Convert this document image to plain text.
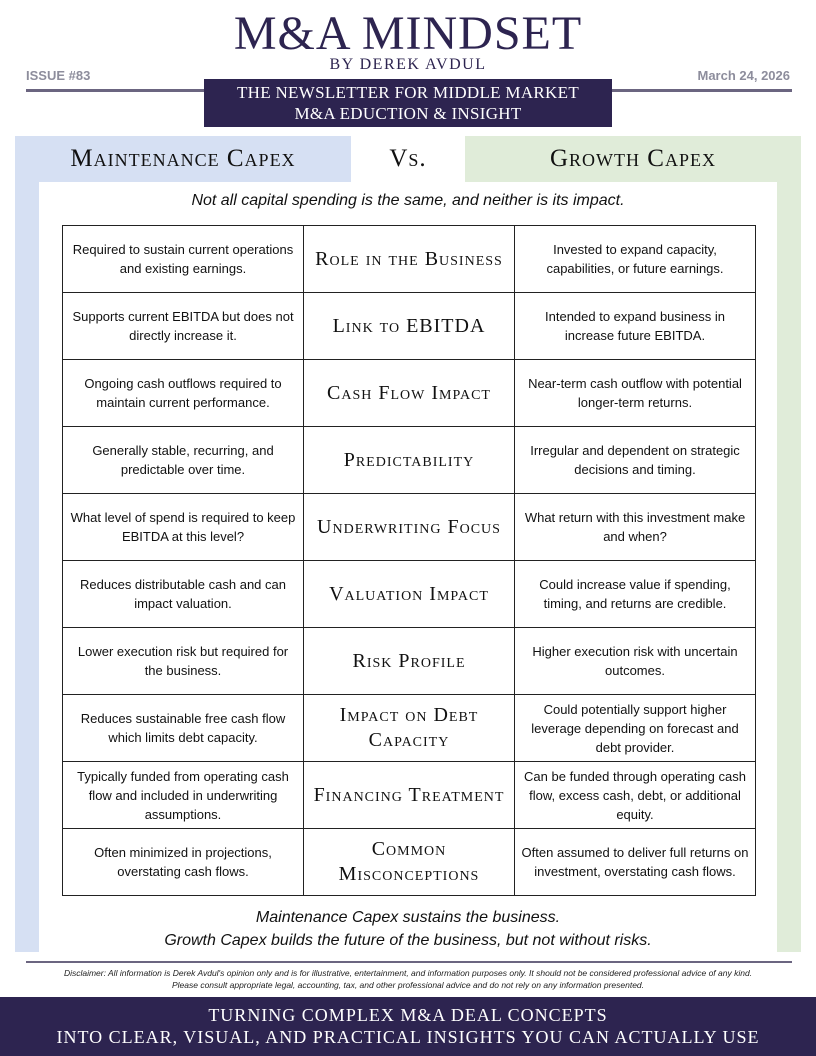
M&A MINDSET
BY DEREK AVDUL
ISSUE #83	March 24, 2026
THE NEWSLETTER FOR MIDDLE MARKET
M&A EDUCTION & INSIGHT
Maintenance Capex	Vs.	Growth Capex
Not all capital spending is the same, and neither is its impact.
Required to sustain current operations and existing earnings.	Role in the Business	Invested to expand capacity, capabilities, or future earnings.
Supports current EBITDA but does not directly increase it.	Link to EBITDA	Intended to expand business in increase future EBITDA.
Ongoing cash outflows required to maintain current performance.	Cash Flow Impact	Near-term cash outflow with potential longer-term returns.
Generally stable, recurring, and predictable over time.	Predictability	Irregular and dependent on strategic decisions and timing.
What level of spend is required to keep EBITDA at this level?	Underwriting Focus	What return with this investment make and when?
Reduces distributable cash and can impact valuation.	Valuation Impact	Could increase value if spending, timing, and returns are credible.
Lower execution risk but required for the business.	Risk Profile	Higher execution risk with uncertain outcomes.
Reduces sustainable free cash flow which limits debt capacity.	Impact on Debt Capacity	Could potentially support higher leverage depending on forecast and debt provider.
Typically funded from operating cash flow and included in underwriting assumptions.	Financing Treatment	Can be funded through operating cash flow, excess cash, debt, or additional equity.
Often minimized in projections, overstating cash flows.	Common Misconceptions	Often assumed to deliver full returns on investment, overstating cash flows.
Maintenance Capex sustains the business.
Growth Capex builds the future of the business, but not without risks.
Disclaimer: All information is Derek Avdul's opinion only and is for illustrative, entertainment, and information purposes only. It should not be considered professional advice of any kind. Please consult appropriate legal, accounting, tax, and other professional advice and do not rely on any information presented.
TURNING COMPLEX M&A DEAL CONCEPTS
INTO CLEAR, VISUAL, AND PRACTICAL INSIGHTS YOU CAN ACTUALLY USE
